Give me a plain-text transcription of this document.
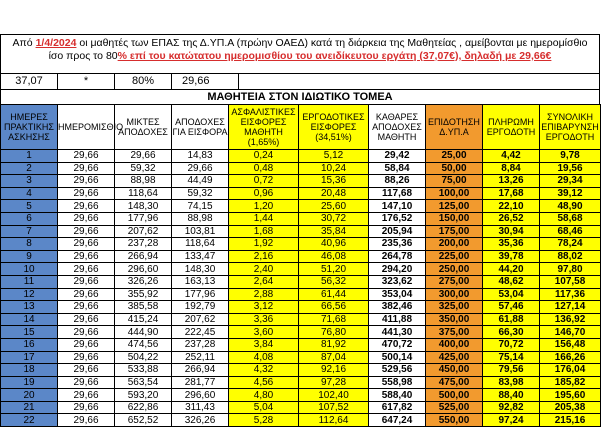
Από 1/4/2024 οι μαθητές των ΕΠΑΣ της Δ.ΥΠ.Α (πρώην ΟΑΕΔ) κατά τη διάρκεια της Μαθητείας , αμείβονται με ημερομίσθιο ίσο προς το 80% επί του κατώτατου ημερομισθίου του ανειδίκευτου εργάτη (37,07€), δηλαδή με 29,66€
37,07	*	80%	29,66
ΜΑΘΗΤΕΙΑ ΣΤΟΝ ΙΔΙΩΤΙΚΟ ΤΟΜΕΑ
ΗΜΕΡΕΣ ΠΡΑΚΤΙΚΗΣ ΑΣΚΗΣΗΣ	ΗΜΕΡΟΜΙΣΘΙΟ	ΜΙΚΤΕΣ ΑΠΟΔΟΧΕΣ	ΑΠΟΔΟΧΕΣ ΓΙΑ ΕΙΣΦΟΡΑ	ΑΣΦΑΛΙΣΤΙΚΕΣ ΕΙΣΦΟΡΕΣ ΜΑΘΗΤΗ (1,65%)	ΕΡΓΟΔΟΤΙΚΕΣ ΕΙΣΦΟΡΕΣ (34,51%)	ΚΑΘΑΡΕΣ ΑΠΟΔΟΧΕΣ ΜΑΘΗΤΗ	ΕΠΙΔΟΤΗΣΗ Δ.ΥΠ.Α	ΠΛΗΡΩΜΗ ΕΡΓΟΔΟΤΗ	ΣΥΝΟΛΙΚΗ ΕΠΙΒΑΡΥΝΣΗ ΕΡΓΟΔΟΤΗ
1	29,66	29,66	14,83	0,24	5,12	29,42	25,00	4,42	9,78
2	29,66	59,32	29,66	0,48	10,24	58,84	50,00	8,84	19,56
3	29,66	88,98	44,49	0,72	15,36	88,26	75,00	13,26	29,34
4	29,66	118,64	59,32	0,96	20,48	117,68	100,00	17,68	39,12
5	29,66	148,30	74,15	1,20	25,60	147,10	125,00	22,10	48,90
6	29,66	177,96	88,98	1,44	30,72	176,52	150,00	26,52	58,68
7	29,66	207,62	103,81	1,68	35,84	205,94	175,00	30,94	68,46
8	29,66	237,28	118,64	1,92	40,96	235,36	200,00	35,36	78,24
9	29,66	266,94	133,47	2,16	46,08	264,78	225,00	39,78	88,02
10	29,66	296,60	148,30	2,40	51,20	294,20	250,00	44,20	97,80
11	29,66	326,26	163,13	2,64	56,32	323,62	275,00	48,62	107,58
12	29,66	355,92	177,96	2,88	61,44	353,04	300,00	53,04	117,36
13	29,66	385,58	192,79	3,12	66,56	382,46	325,00	57,46	127,14
14	29,66	415,24	207,62	3,36	71,68	411,88	350,00	61,88	136,92
15	29,66	444,90	222,45	3,60	76,80	441,30	375,00	66,30	146,70
16	29,66	474,56	237,28	3,84	81,92	470,72	400,00	70,72	156,48
17	29,66	504,22	252,11	4,08	87,04	500,14	425,00	75,14	166,26
18	29,66	533,88	266,94	4,32	92,16	529,56	450,00	79,56	176,04
19	29,66	563,54	281,77	4,56	97,28	558,98	475,00	83,98	185,82
20	29,66	593,20	296,60	4,80	102,40	588,40	500,00	88,40	195,60
21	29,66	622,86	311,43	5,04	107,52	617,82	525,00	92,82	205,38
22	29,66	652,52	326,26	5,28	112,64	647,24	550,00	97,24	215,16
